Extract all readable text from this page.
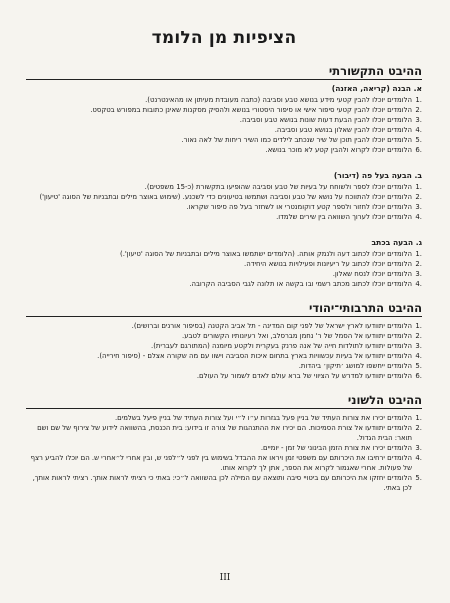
הציפיות מן הלומד
ההיבט התקשורתי
א. הבנה (קריאה, האזנה)
.1
הלומדים יוכלו להבין קטעי מידע בנושא טבע וסביבה (כתבה מעובדת מעיתון או מהאינטרנט).
.2
הלומדים יוכלו להבין קטעי סיפור אישי או סיפור היסטורי בנושא ולהסיק מסקנות שאינן כתובות במפורש בטקסט.
.3
הלומדים יוכלו להבין הבעת דעות שונות בנושא טבע וסביבה.
.4
הלומדים יוכלו להבין שאלון בנושא טבע וסביבה.
.5
הלומדים יוכלו להבין תוכן של שיר שנכתב לילדים כמו השיר ריחות של לאה נאור.
.6
הלומדים יוכלו לקרוא ולהבין קטע לא מוכר בנושא.
ב. הבעה בעל פה (דיבור)
.1
הלומדים יוכלו לספר ולשוחח על בעיות של טבע וסביבה שהופיעו בתקשורת (כ-15 משפטים).
.2
הלומדים יוכלו להתווכח על נושא של טבע וסביבה ושתמשו בטיעונים כדי לשכנע. (שימוש באוצר מילים ובתבניות של הסוגה 'טיעון')
.3
הלומדים יוכלו לחזור ולספר קטע דוקומנטרי או לשחזר בעל פה סיפור שקראו.
.4
הלומדים יוכלו לערוך השוואה בין שירים שלמדו.
ג. הבעה בכתב
.1
הלומדים יוכלו לכתוב דעה ולנמק אותה. (הלומדים ישתמשו באוצר מילים ובתבניות של הסוגה 'טיעון'.)
.2
הלומדים יוכלו לכתוב על ריעיונות ופעילויות בנושא היחידה.
.3
הלומדים יוכלו לנסח שאלון.
.4
הלומדים יוכלו לכתוב מכתב רשמי ובו בקשה או תלונה לגבי הסביבה הקרובה.
ההיבט התרבותי־יהודי
.1
הלומדים יתוודעו לארץ ישראל של לפני קום המדינה - תל אביב הקטנה (בסיפור אורנים וברושים).
.2
הלומדים יתוודעו אל הסמל של ר' נחמן מברסלב, ואל רעיונותיו הקשורים לטבע.
.3
הלומדים יתוודעו לתולדות חייה של אנה פרנק בעקרית ולקטע מיומנה (המתורגם לעברית).
.4
הלומדים יתוודעו אל בעיות עכשוויות בארץ בתחום איכות הסביבה וישוו עם מה שקורה אצלם - (סיפור חירייה).
.5
הלומדים ייחשפו למושג ׳תיקון׳ ביהדות.
.6
הלומדים יתוודעו למדרש על הציווי של ברא עולם לאדם לשמור על העולם.
ההיבט הלשוני
.1
הלומדים יכירו את צורות העתיד של בניין פעל בגזרות ע״ו ל״י ועל צורות העתיד של בניין פיעל בשלמים.
.2
הלומדים יתוודעו אל צורת הסמיכות. הם יכירו את ההתנהגות של צורה זו בידוע: בית הכנסת, בהשוואה לידוע של צירוף של שם ושם תואר: הבית הגדול.
.3
הלומדים יכירו את צורת הזמן הבינוני של זמן - יומיים.
.4
הלומדים ירחיבו את היכרותם עם משפטי זמן ויראו את ההבדל בשימוש בין לפני ל״לפני ש, ובין אחרי ל״אחרי ש. הם יוכלו להביע רצף של פעולות. אחרי שאגמור לקרוא את הספר, אתן לך לקרוא אותו.
.5
הלומדים יחזקו את היכרותם עם ביטויי סיבה ותוצאה עם המילה לכן בהשוואה ל״כי: באתי כי רציתי לראות אותך. רציתי לראות אותך, לכן באתי.
III
